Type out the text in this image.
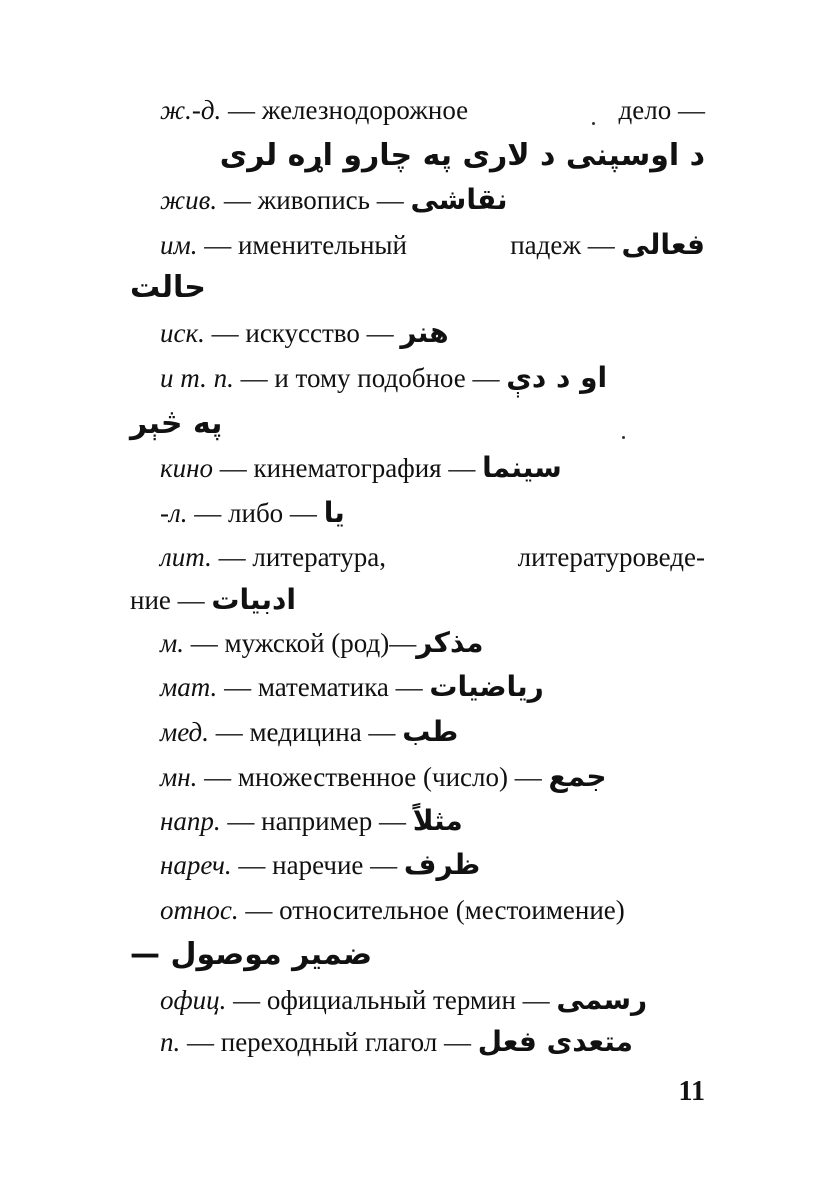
ж.-д. — железнодорожное	дело —
د اوسپنی د لاری په چارو اړه لری
жив. — живопись — نقاشی
им. — именительный	падеж — فعالی
حالت
иск. — искусство — هنر
и т. п. — и тому подобное — او د دې
په څېر
кино — кинематография — سینما
-л. — либо — یا
лит. — литература,	литературоведе-
ние — ادبیات
м. — мужской (род)—مذکر
мат. — математика — ریاضیات
мед. — медицина — طب
мн. — множественное (число) — جمع
напр. — например — مثلاً
нареч. — наречие — ظرف
относ. — относительное (местоимение)
ضمیر موصول —
офиц. — официальный термин — رسمی
п. — переходный глагол — متعدی فعل
11
